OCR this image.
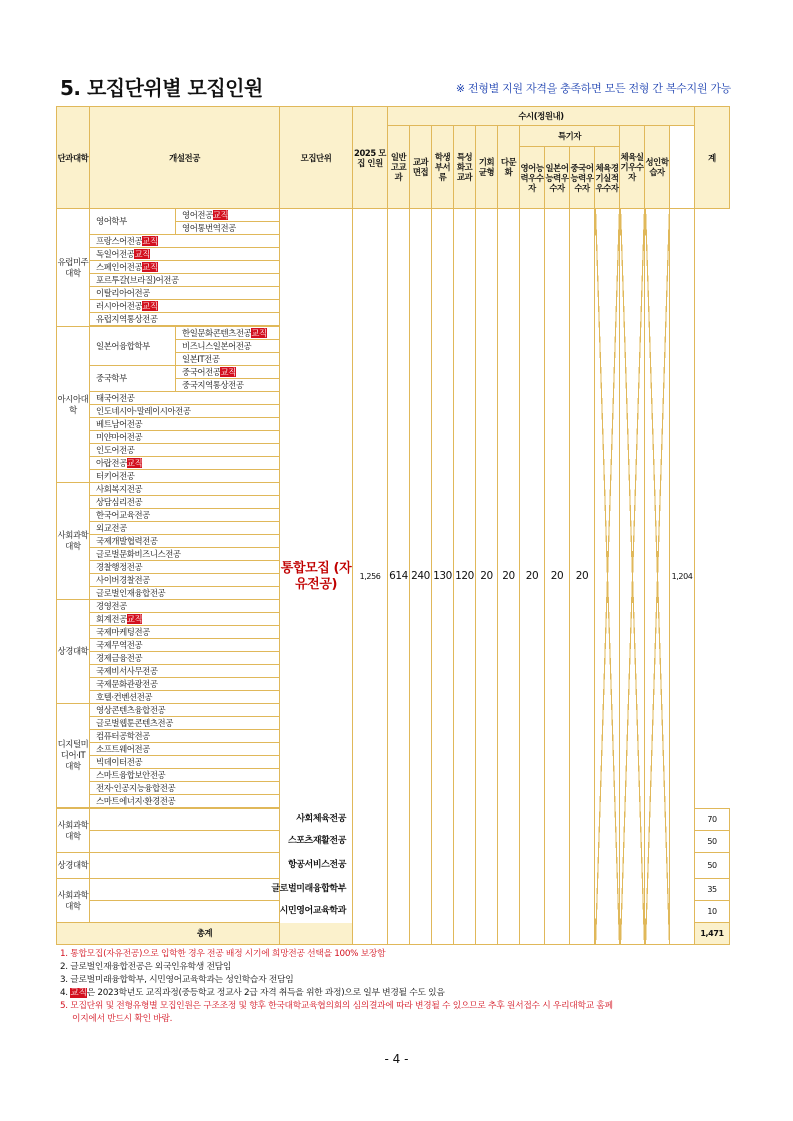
5. 모집단위별 모집인원	※ 전형별 지원 자격을 충족하면 모든 전형 간 복수지원 가능
단과대학	개설전공		모집단위	2025 모집 인원	수시(정원내)													계	
					일반고교과	교과면접	학생부서류	특성화고교과	기회균형	다문화	특기자				체육실기우수자	성인학습자			
											영어능력우수자	일본어능력우수자	중국어능력우수자	체육경기실적우수자					
유럽미주대학	영어학부	영어전공교직	통합모집 (자유전공)	1,256	614	240	130	120	20	20	20	20	20				1,204		
		영어통번역전공																	
	프랑스어전공교직																		
	독일어전공교직																		
	스페인어전공교직																		
	포르투갈(브라질)어전공																		
	이탈리아어전공																		
	러시아어전공교직																		
	유럽지역통상전공																		

아시아대학	일본어융합학부	한일문화콘텐츠전공교직																	
		비즈니스일본어전공																	
		일본IT전공																	
	중국학부	중국어전공교직																	
		중국지역통상전공																	
	태국어전공																		
	인도네시아·말레이시아전공																		
	베트남어전공																		
	미얀마어전공																		
	인도어전공																		
	아랍전공교직																		
	터키어전공																		
사회과학대학	사회복지전공																		
	상담심리전공																		
	한국어교육전공																		
	외교전공																		
	국제개발협력전공																		
	글로벌문화비즈니스전공																		
	경찰행정전공																		
	사이버경찰전공																		
	글로벌인재융합전공																		
상경대학	경영전공																		
	회계전공교직																		
	국제마케팅전공																		
	국제무역전공																		
	경제금융전공																		
	국제비서사무전공																		
	국제문화관광전공																		
	호텔·컨벤션전공																		
디지털미디어·IT대학	영상콘텐츠융합전공																		
	글로벌웹툰콘텐츠전공																		
	컴퓨터공학전공																		
	소프트웨어전공																		
	빅데이터전공																		
	스마트융합보안전공																		
	전자·인공지능융합전공																		
	스마트에너지·환경전공																		

사회과학대학	사회체육전공																	70													
	스포츠재활전공																	50						
상경대학	항공서비스전공																	50						
사회과학대학	글로벌미래융합학부																	35							
	시민영어교육학과																	10							
총계																		1,471													
1. 통합모집(자유전공)으로 입학한 경우 전공 배정 시기에 희망전공 선택을 100% 보장함
2. 글로벌인재융합전공은 외국인유학생 전담임
3. 글로벌미래융합학부, 시민영어교육학과는 성인학습자 전담임
4. 교직은 2023학년도 교직과정(중등학교 정교사 2급 자격 취득을 위한 과정)으로 일부 변경될 수도 있음
5. 모집단위 및 전형유형별 모집인원은 구조조정 및 향후 한국대학교육협의회의 심의결과에 따라 변경될 수 있으므로 추후 원서접수 시 우리대학교 홈페
이지에서 반드시 확인 바람.
- 4 -
